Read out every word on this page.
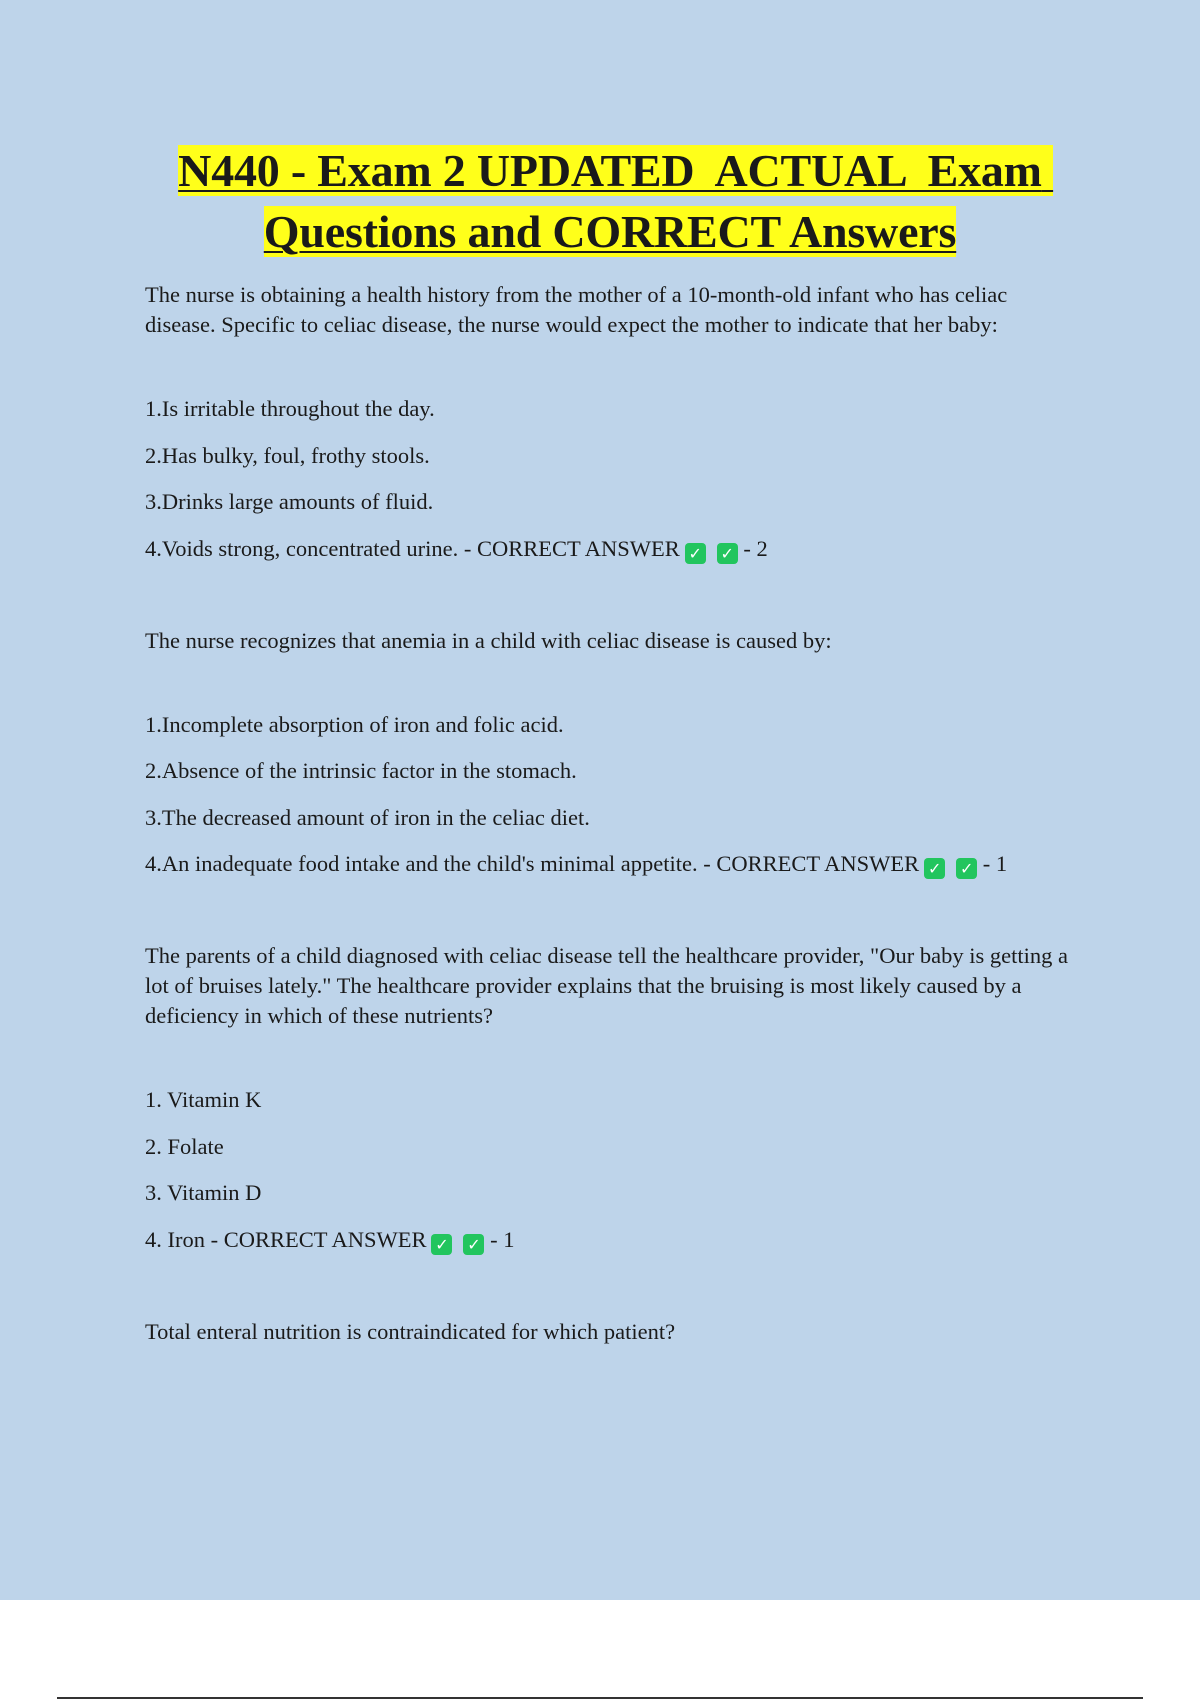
N440 - Exam 2 UPDATED  ACTUAL  Exam Questions and CORRECT Answers

The nurse is obtaining a health history from the mother of a 10-month-old infant who has celiac disease. Specific to celiac disease, the nurse would expect the mother to indicate that her baby:

1.Is irritable throughout the day.
2.Has bulky, foul, frothy stools.
3.Drinks large amounts of fluid.
4.Voids strong, concentrated urine. - CORRECT ANSWER ✓ ✓ - 2

The nurse recognizes that anemia in a child with celiac disease is caused by:

1.Incomplete absorption of iron and folic acid.
2.Absence of the intrinsic factor in the stomach.
3.The decreased amount of iron in the celiac diet.
4.An inadequate food intake and the child's minimal appetite. - CORRECT ANSWER ✓ ✓ - 1

The parents of a child diagnosed with celiac disease tell the healthcare provider, "Our baby is getting a lot of bruises lately." The healthcare provider explains that the bruising is most likely caused by a deficiency in which of these nutrients?

1. Vitamin K
2. Folate
3. Vitamin D
4. Iron - CORRECT ANSWER ✓ ✓ - 1

Total enteral nutrition is contraindicated for which patient?
